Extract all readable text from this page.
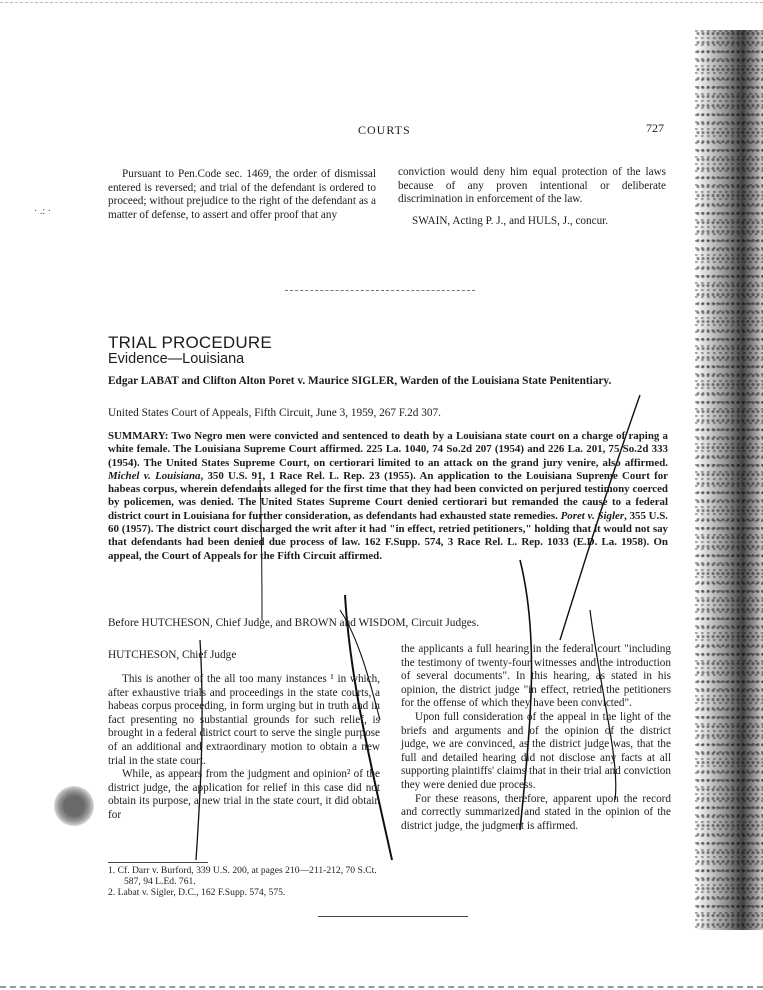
COURTS	727

Pursuant to Pen.Code sec. 1469, the order of dismissal entered is reversed; and trial of the defendant is ordered to proceed; without prejudice to the right of the defendant as a matter of defense, to assert and offer proof that any

conviction would deny him equal protection of the laws because of any proven intentional or deliberate discrimination in enforcement of the law.

SWAIN, Acting P. J., and HULS, J., concur.

TRIAL PROCEDURE
Evidence—Louisiana
Edgar LABAT and Clifton Alton Poret v. Maurice SIGLER, Warden of the Louisiana State Penitentiary.
United States Court of Appeals, Fifth Circuit, June 3, 1959, 267 F.2d 307.
SUMMARY: Two Negro men were convicted and sentenced to death by a Louisiana state court on a charge of raping a white female. The Louisiana Supreme Court affirmed. 225 La. 1040, 74 So.2d 207 (1954) and 226 La. 201, 75 So.2d 333 (1954). The United States Supreme Court, on certiorari limited to an attack on the grand jury venire, also affirmed. Michel v. Louisiana, 350 U.S. 91, 1 Race Rel. L. Rep. 23 (1955). An application to the Louisiana Supreme Court for habeas corpus, wherein defendants alleged for the first time that they had been convicted on perjured testimony coerced by policemen, was denied. The United States Supreme Court denied certiorari but remanded the cause to a federal district court in Louisiana for further consideration, as defendants had exhausted state remedies. Poret v. Sigler, 355 U.S. 60 (1957). The district court discharged the writ after it had "in effect, retried petitioners," holding that it would not say that defendants had been denied due process of law. 162 F.Supp. 574, 3 Race Rel. L. Rep. 1033 (E.D. La. 1958). On appeal, the Court of Appeals for the Fifth Circuit affirmed.
Before HUTCHESON, Chief Judge, and BROWN and WISDOM, Circuit Judges.
HUTCHESON, Chief Judge

This is another of the all too many instances ¹ in which, after exhaustive trials and proceedings in the state courts, a habeas corpus proceeding, in form urging but in truth and in fact presenting no substantial grounds for such relief, is brought in a federal district court to serve the single purpose of an additional and extraordinary motion to obtain a new trial in the state court.

While, as appears from the judgment and opinion² of the district judge, the application for relief in this case did not obtain its purpose, a new trial in the state court, it did obtain for

the applicants a full hearing in the federal court "including the testimony of twenty-four witnesses and the introduction of several documents". In this hearing, as stated in his opinion, the district judge "in effect, retried the petitioners for the offense of which they have been convicted".

Upon full consideration of the appeal in the light of the briefs and arguments and of the opinion of the district judge, we are convinced, as the district judge was, that the full and detailed hearing did not disclose any facts at all supporting plaintiffs' claims that in their trial and conviction they were denied due process.

For these reasons, therefore, apparent upon the record and correctly summarized and stated in the opinion of the district judge, the judgment is affirmed.

1. Cf. Darr v. Burford, 339 U.S. 200, at pages 210—211-212, 70 S.Ct. 587, 94 L.Ed. 761.
2. Labat v. Sigler, D.C., 162 F.Supp. 574, 575.
· .: ·
